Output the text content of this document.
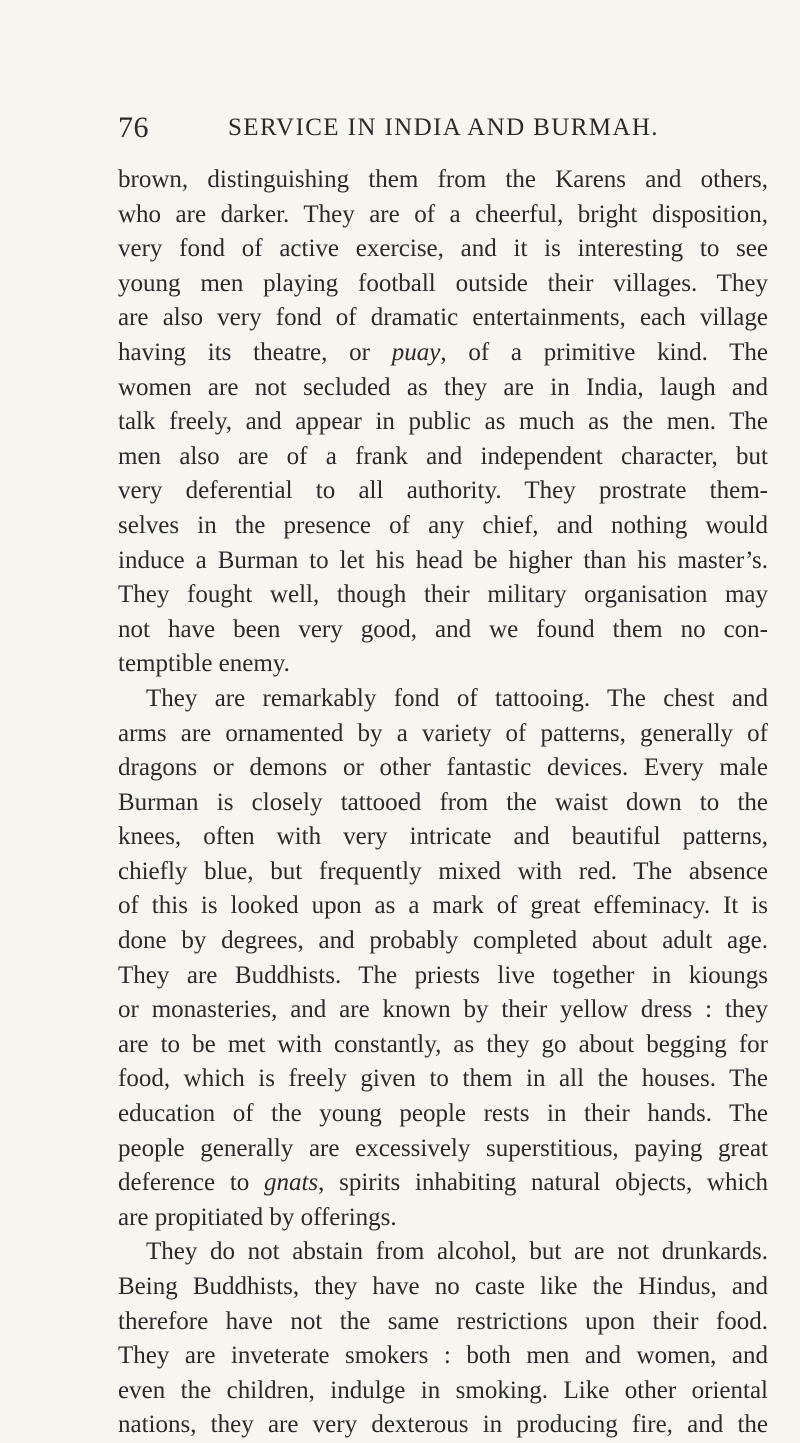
76	SERVICE IN INDIA AND BURMAH.
brown, distinguishing them from the Karens and others,
who are darker. They are of a cheerful, bright disposition,
very fond of active exercise, and it is interesting to see
young men playing football outside their villages. They
are also very fond of dramatic entertainments, each village
having its theatre, or puay, of a primitive kind. The
women are not secluded as they are in India, laugh and
talk freely, and appear in public as much as the men. The
men also are of a frank and independent character, but
very deferential to all authority. They prostrate them-
selves in the presence of any chief, and nothing would
induce a Burman to let his head be higher than his master’s.
They fought well, though their military organisation may
not have been very good, and we found them no con-
temptible enemy.
They are remarkably fond of tattooing. The chest and
arms are ornamented by a variety of patterns, generally of
dragons or demons or other fantastic devices. Every male
Burman is closely tattooed from the waist down to the
knees, often with very intricate and beautiful patterns,
chiefly blue, but frequently mixed with red. The absence
of this is looked upon as a mark of great effeminacy. It is
done by degrees, and probably completed about adult age.
They are Buddhists. The priests live together in kioungs
or monasteries, and are known by their yellow dress : they
are to be met with constantly, as they go about begging for
food, which is freely given to them in all the houses. The
education of the young people rests in their hands. The
people generally are excessively superstitious, paying great
deference to gnats, spirits inhabiting natural objects, which
are propitiated by offerings.
They do not abstain from alcohol, but are not drunkards.
Being Buddhists, they have no caste like the Hindus, and
therefore have not the same restrictions upon their food.
They are inveterate smokers : both men and women, and
even the children, indulge in smoking. Like other oriental
nations, they are very dexterous in producing fire, and the
